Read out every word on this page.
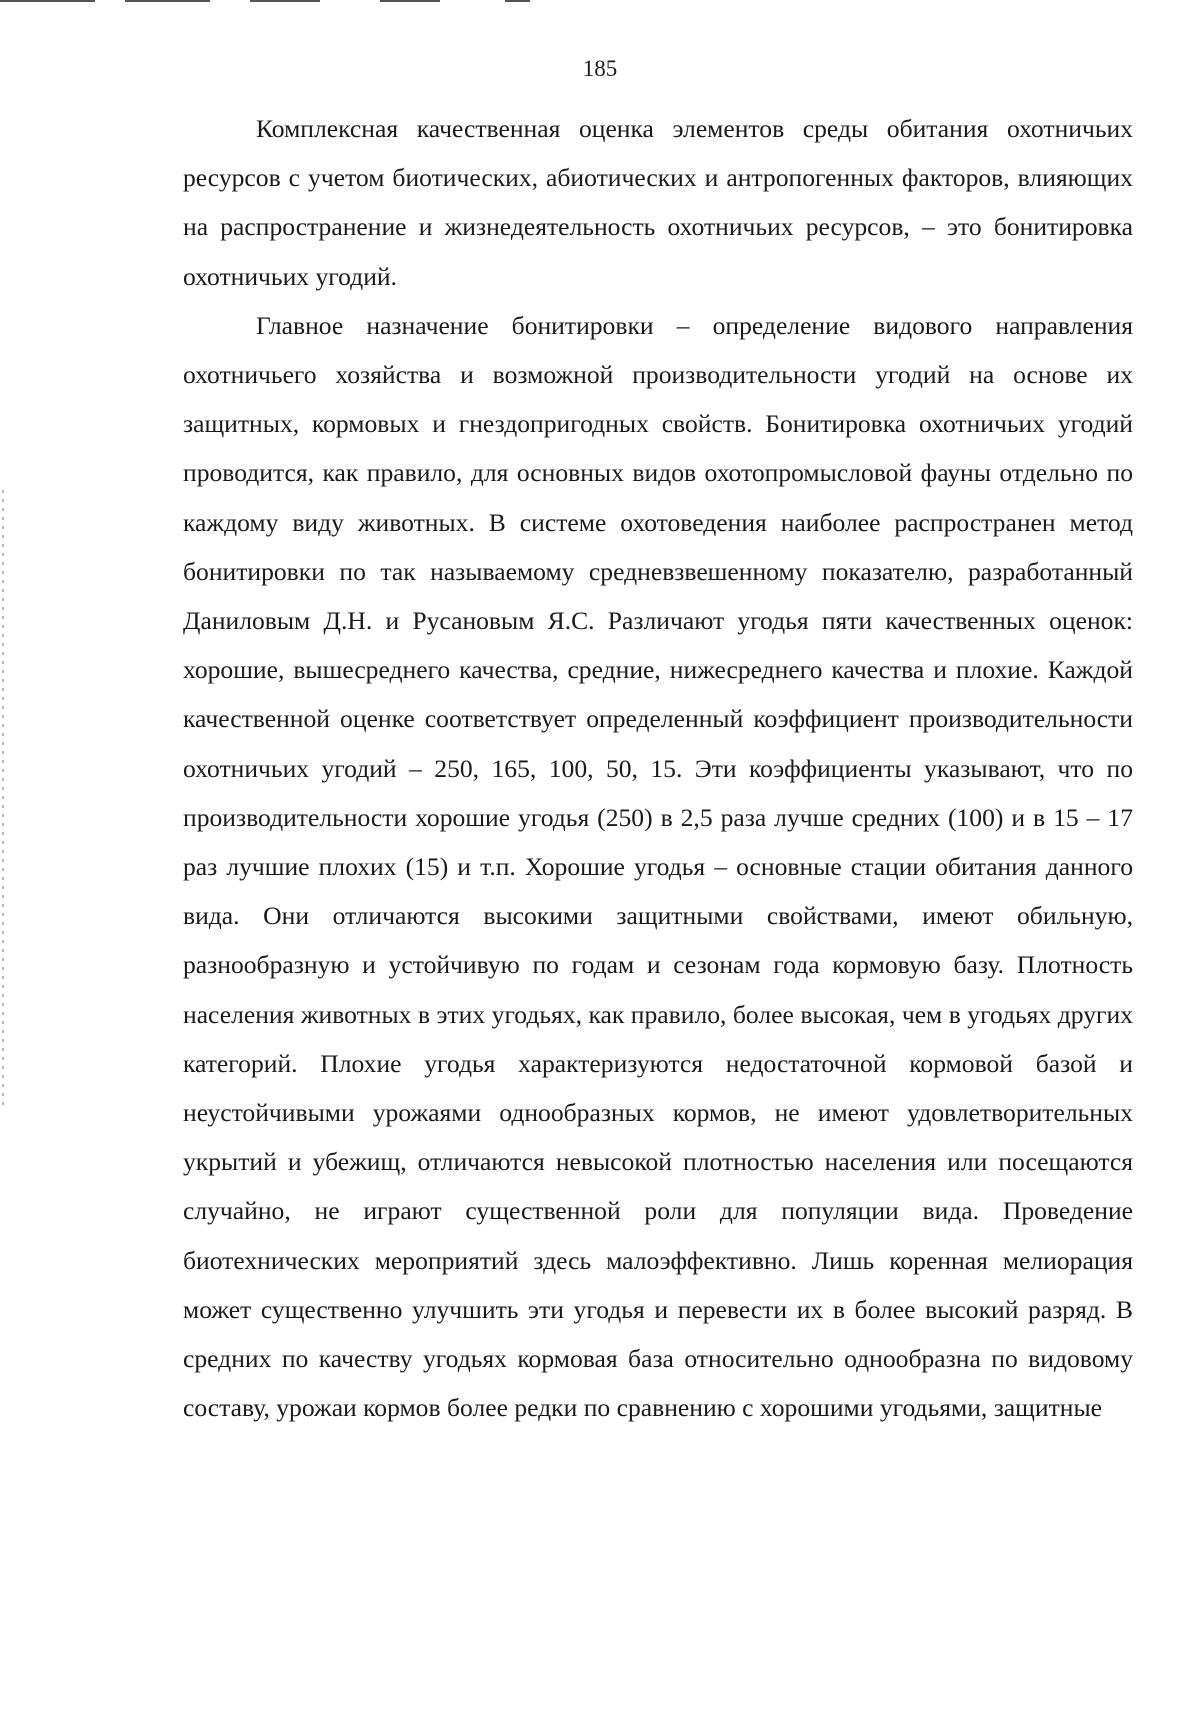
185

Комплексная качественная оценка элементов среды обитания охотничьих ресурсов с учетом биотических, абиотических и антропогенных факторов, влияющих на распространение и жизнедеятельность охотничьих ресурсов, – это бонитировка охотничьих угодий.

Главное назначение бонитировки – определение видового направления охотничьего хозяйства и возможной производительности угодий на основе их защитных, кормовых и гнездопригодных свойств. Бонитировка охотничьих угодий проводится, как правило, для основных видов охотопромысловой фауны отдельно по каждому виду животных. В системе охотоведения наиболее распространен метод бонитировки по так называемому средневзвешенному показателю, разработанный Даниловым Д.Н. и Русановым Я.С. Различают угодья пяти качественных оценок: хорошие, вышесреднего качества, средние, нижесреднего качества и плохие. Каждой качественной оценке соответствует определенный коэффициент производительности охотничьих угодий – 250, 165, 100, 50, 15. Эти коэффициенты указывают, что по производительности хорошие угодья (250) в 2,5 раза лучше средних (100) и в 15 – 17 раз лучшие плохих (15) и т.п. Хорошие угодья – основные стации обитания данного вида. Они отличаются высокими защитными свойствами, имеют обильную, разнообразную и устойчивую по годам и сезонам года кормовую базу. Плотность населения животных в этих угодьях, как правило, более высокая, чем в угодьях других категорий. Плохие угодья характеризуются недостаточной кормовой базой и неустойчивыми урожаями однообразных кормов, не имеют удовлетворительных укрытий и убежищ, отличаются невысокой плотностью населения или посещаются случайно, не играют существенной роли для популяции вида. Проведение биотехнических мероприятий здесь малоэффективно. Лишь коренная мелиорация может существенно улучшить эти угодья и перевести их в более высокий разряд. В средних по качеству угодьях кормовая база относительно однообразна по видовому составу, урожаи кормов более редки по сравнению с хорошими угодьями, защитные
